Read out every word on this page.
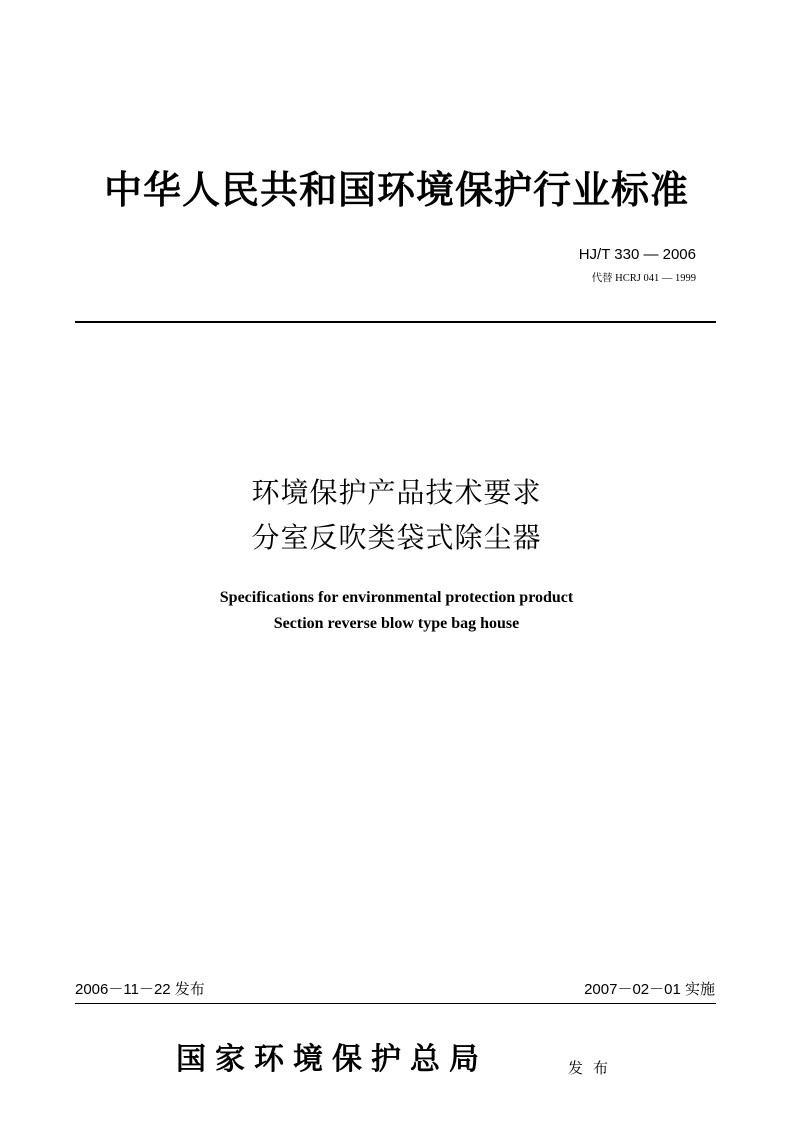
中华人民共和国环境保护行业标准
HJ/T 330 — 2006
代替 HCRJ 041 — 1999
环境保护产品技术要求
分室反吹类袋式除尘器
Specifications for environmental protection product
Section reverse blow type bag house
2006－11－22 发布	2007－02－01 实施
国家环境保护总局	发布
